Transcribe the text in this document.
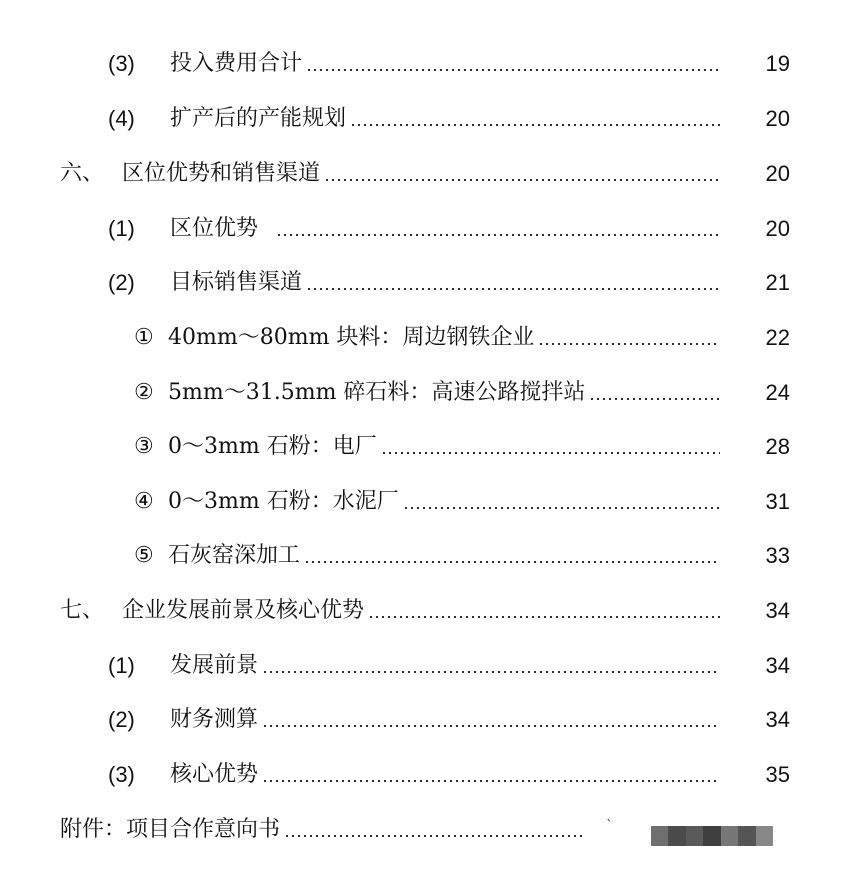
(3)	投入费用合计	19
(4)	扩产后的产能规划	20
六、 区位优势和销售渠道	20
(1)	区位优势	20
(2)	目标销售渠道	21
① 40mm～80mm 块料：周边钢铁企业	22
② 5mm～31.5mm 碎石料：高速公路搅拌站	24
③ 0～3mm 石粉：电厂	28
④ 0～3mm 石粉：水泥厂	31
⑤ 石灰窑深加工	33
七、 企业发展前景及核心优势	34
(1)	发展前景	34
(2)	财务测算	34
(3)	核心优势	35
附件：项目合作意向书	ˋ
